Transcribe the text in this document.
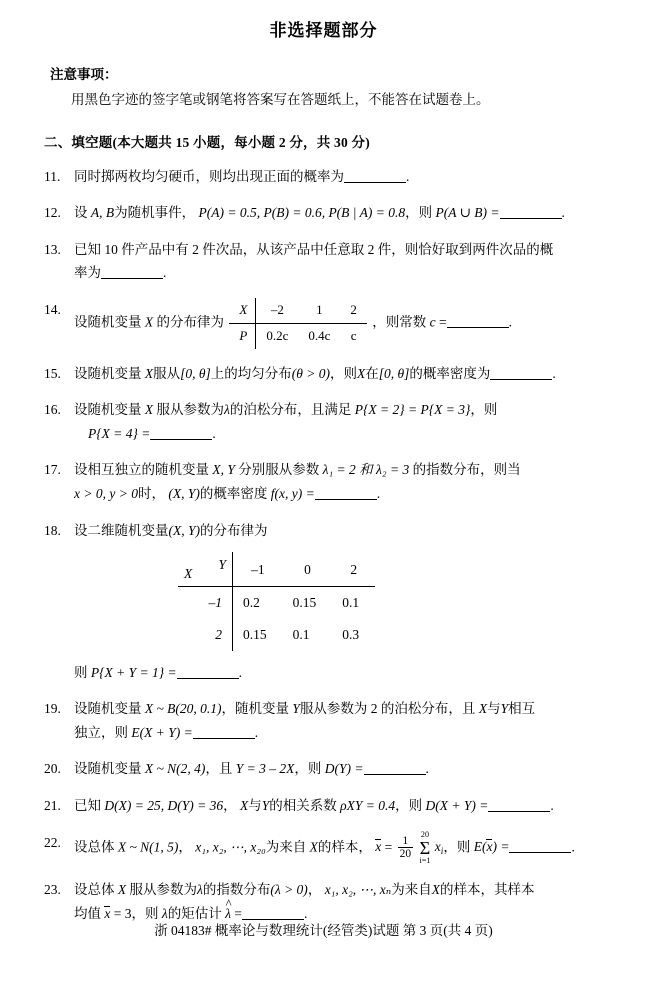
非选择题部分
注意事项：
用黑色字迹的签字笔或钢笔将答案写在答题纸上，不能答在试题卷上。
二、填空题(本大题共 15 小题，每小题 2 分，共 30 分)
11.	同时掷两枚均匀硬币，则均出现正面的概率为	.
12. 设 A, B为随机事件， P(A) = 0.5, P(B) = 0.6, P(B | A) = 0.8，则 P(A ∪ B) =	.
13. 已知 10 件产品中有 2 件次品，从该产品中任意取 2 件，则恰好取到两件次品的概
率为	.
14.
设随机变量 X 的分布律为
X	–2	1	2
P	0.2c	0.4c	c
，则常数 c =	.
15. 设随机变量 X服从[0, θ]上的均匀分布(θ > 0)，则X在[0, θ]的概率密度为	.
16. 设随机变量 X 服从参数为λ的泊松分布，且满足 P{X = 2} = P{X = 3}，则
P{X = 4} =	.
17. 设相互独立的随机变量 X, Y 分别服从参数 λ₁ = 2 和 λ₂ = 3 的指数分布，则当
x > 0, y > 0时， (X, Y)的概率密度 f(x, y) =	.
18. 设二维随机变量(X, Y)的分布律为
Y
X	–1	0	2
–1	0.2	0.15	0.1
2	0.15	0.1	0.3
则 P{X + Y = 1} =	.
19. 设随机变量 X ~ B(20, 0.1)，随机变量 Y服从参数为 2 的泊松分布，且 X与Y相互
独立，则 E(X + Y) =	.
20. 设随机变量 X ~ N(2, 4)，且 Y = 3 – 2X，则 D(Y) =	.
21. 已知 D(X) = 25, D(Y) = 36， X与Y的相关系数 ρXY = 0.4，则 D(X + Y) =	.
22. 设总体 X ~ N(1, 5)， x₁, x₂, ⋯, x₂₀为来自 X的样本， $x = \frac{1}{20}$

20
Σ
i=1
$x_i$，则 E(x) =	.
23. 设总体 X 服从参数为λ的指数分布(λ > 0)， x₁, x₂, ⋯, xₙ为来自X的样本，其样本
均值 x = 3，则 λ的矩估计 ^ λ =	.
浙 04183# 概率论与数理统计(经管类)试题 第 3 页(共 4 页)
